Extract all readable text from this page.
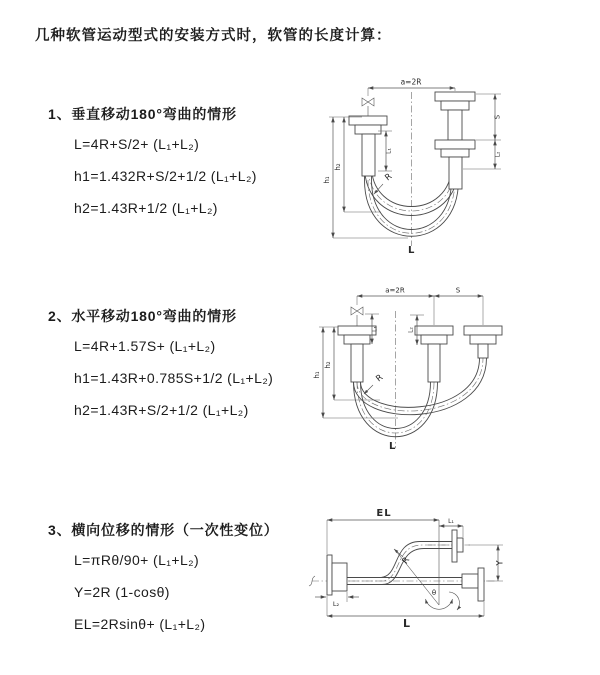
几种软管运动型式的安装方式时，软管的长度计算：
1、垂直移动180°弯曲的情形
L=4R+S/2+ (L₁+L₂)
h1=1.432R+S/2+1/2 (L₁+L₂)
h2=1.43R+1/2 (L₁+L₂)
2、水平移动180°弯曲的情形
L=4R+1.57S+ (L₁+L₂)
h1=1.43R+0.785S+1/2 (L₁+L₂)
h2=1.43R+S/2+1/2 (L₁+L₂)
3、横向位移的情形（一次性变位）
L=πRθ/90+ (L₁+L₂)
Y=2R (1-cosθ)
EL=2Rsinθ+ (L₁+L₂)
a=2R
S
L₂
h₁
h₂
L₁
R
L
a=2R	S
h₁
h₂
L₁	L₂
R
L
EL
L₁
Y
θ
R
L₂
L
